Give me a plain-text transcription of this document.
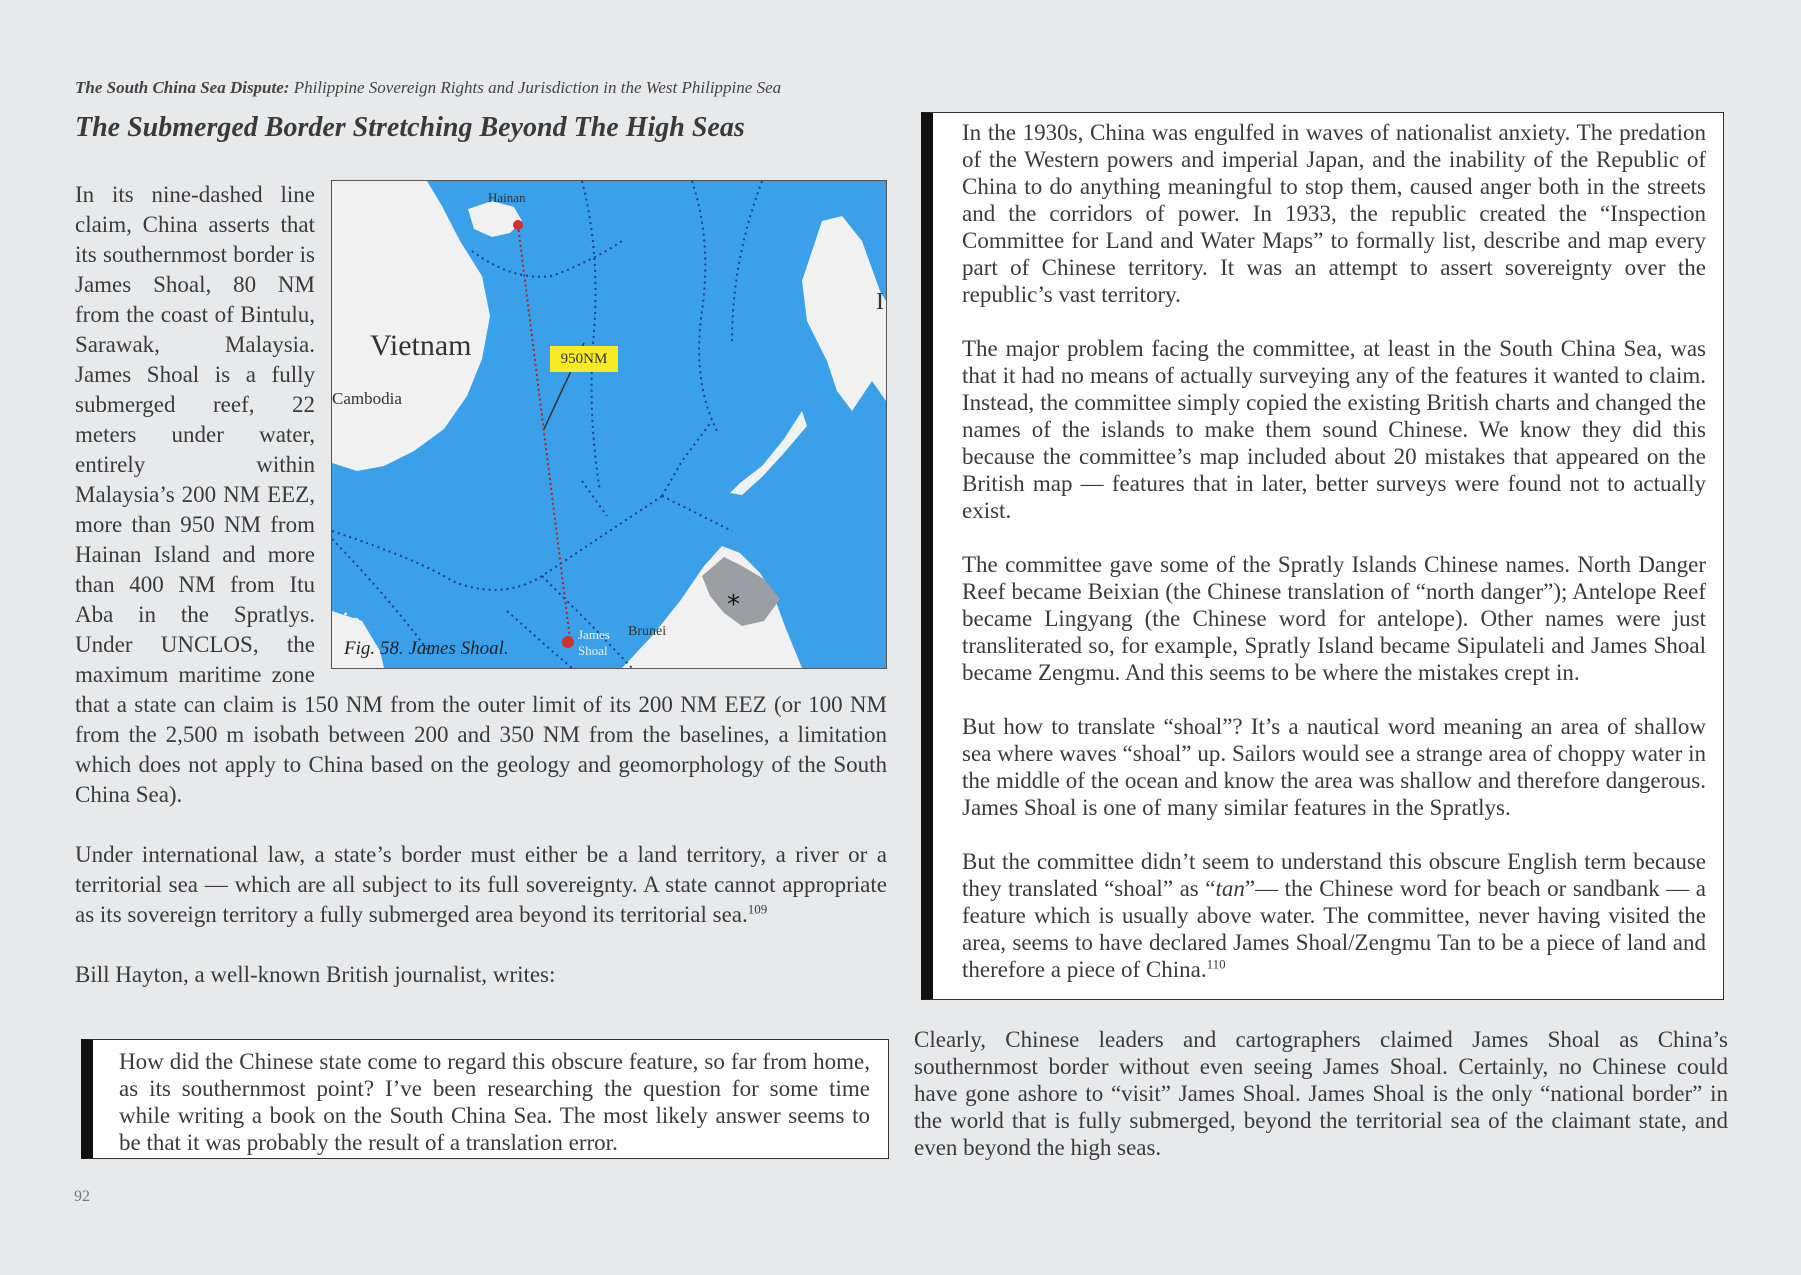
The South China Sea Dispute: Philippine Sovereign Rights and Jurisdiction in the West Philippine Sea
The Submerged Border Stretching Beyond The High Seas
*
Hainan
Vietnam
Cambodia
950NM
sia	James
Shoal
Brunei
I
Fig. 58. James Shoal.

In its nine-dashed line claim, China asserts that its southernmost border is James Shoal, 80 NM from the coast of Bintulu, Sarawak, Malaysia. James Shoal is a fully submerged reef, 22 meters under water, entirely within Malaysia’s 200 NM EEZ, more than 950 NM from Hainan Island and more than 400 NM from Itu Aba in the Spratlys. Under UNCLOS, the maximum maritime zone that a state can claim is 150 NM from the outer limit of its 200 NM EEZ (or 100 NM from the 2,500 m isobath between 200 and 350 NM from the baselines, a limitation which does not apply to China based on the geology and geomorphology of the South China Sea).

Under international law, a state’s border must either be a land territory, a river or a territorial sea — which are all subject to its full sovereignty. A state cannot appropriate as its sovereign territory a fully submerged area beyond its territorial sea.$^{109}$

Bill Hayton, a well-known British journalist, writes:

How did the Chinese state come to regard this obscure feature, so far from home, as its southernmost point? I’ve been researching the question for some time while writing a book on the South China Sea. The most likely answer seems to be that it was probably the result of a translation error.

In the 1930s, China was engulfed in waves of nationalist anxiety. The predation of the Western powers and imperial Japan, and the inability of the Republic of China to do anything meaningful to stop them, caused anger both in the streets and the corridors of power. In 1933, the republic created the “Inspection Committee for Land and Water Maps” to formally list, describe and map every part of Chinese territory. It was an attempt to assert sovereignty over the republic’s vast territory.

The major problem facing the committee, at least in the South China Sea, was that it had no means of actually surveying any of the features it wanted to claim. Instead, the committee simply copied the existing British charts and changed the names of the islands to make them sound Chinese. We know they did this because the committee’s map included about 20 mistakes that appeared on the British map — features that in later, better surveys were found not to actually exist.

The committee gave some of the Spratly Islands Chinese names. North Danger Reef became Beixian (the Chinese translation of “north danger”); Antelope Reef became Lingyang (the Chinese word for antelope). Other names were just transliterated so, for example, Spratly Island became Sipulateli and James Shoal became Zengmu. And this seems to be where the mistakes crept in.

But how to translate “shoal”? It’s a nautical word meaning an area of shallow sea where waves “shoal” up. Sailors would see a strange area of choppy water in the middle of the ocean and know the area was shallow and therefore dangerous. James Shoal is one of many similar features in the Spratlys.

But the committee didn’t seem to understand this obscure English term because they translated “shoal” as “tan”— the Chinese word for beach or sandbank — a feature which is usually above water. The committee, never having visited the area, seems to have declared James Shoal/Zengmu Tan to be a piece of land and therefore a piece of China.$^{110}$

Clearly, Chinese leaders and cartographers claimed James Shoal as China’s southernmost border without even seeing James Shoal. Certainly, no Chinese could have gone ashore to “visit” James Shoal. James Shoal is the only “national border” in the world that is fully submerged, beyond the territorial sea of the claimant state, and even beyond the high seas.

92
